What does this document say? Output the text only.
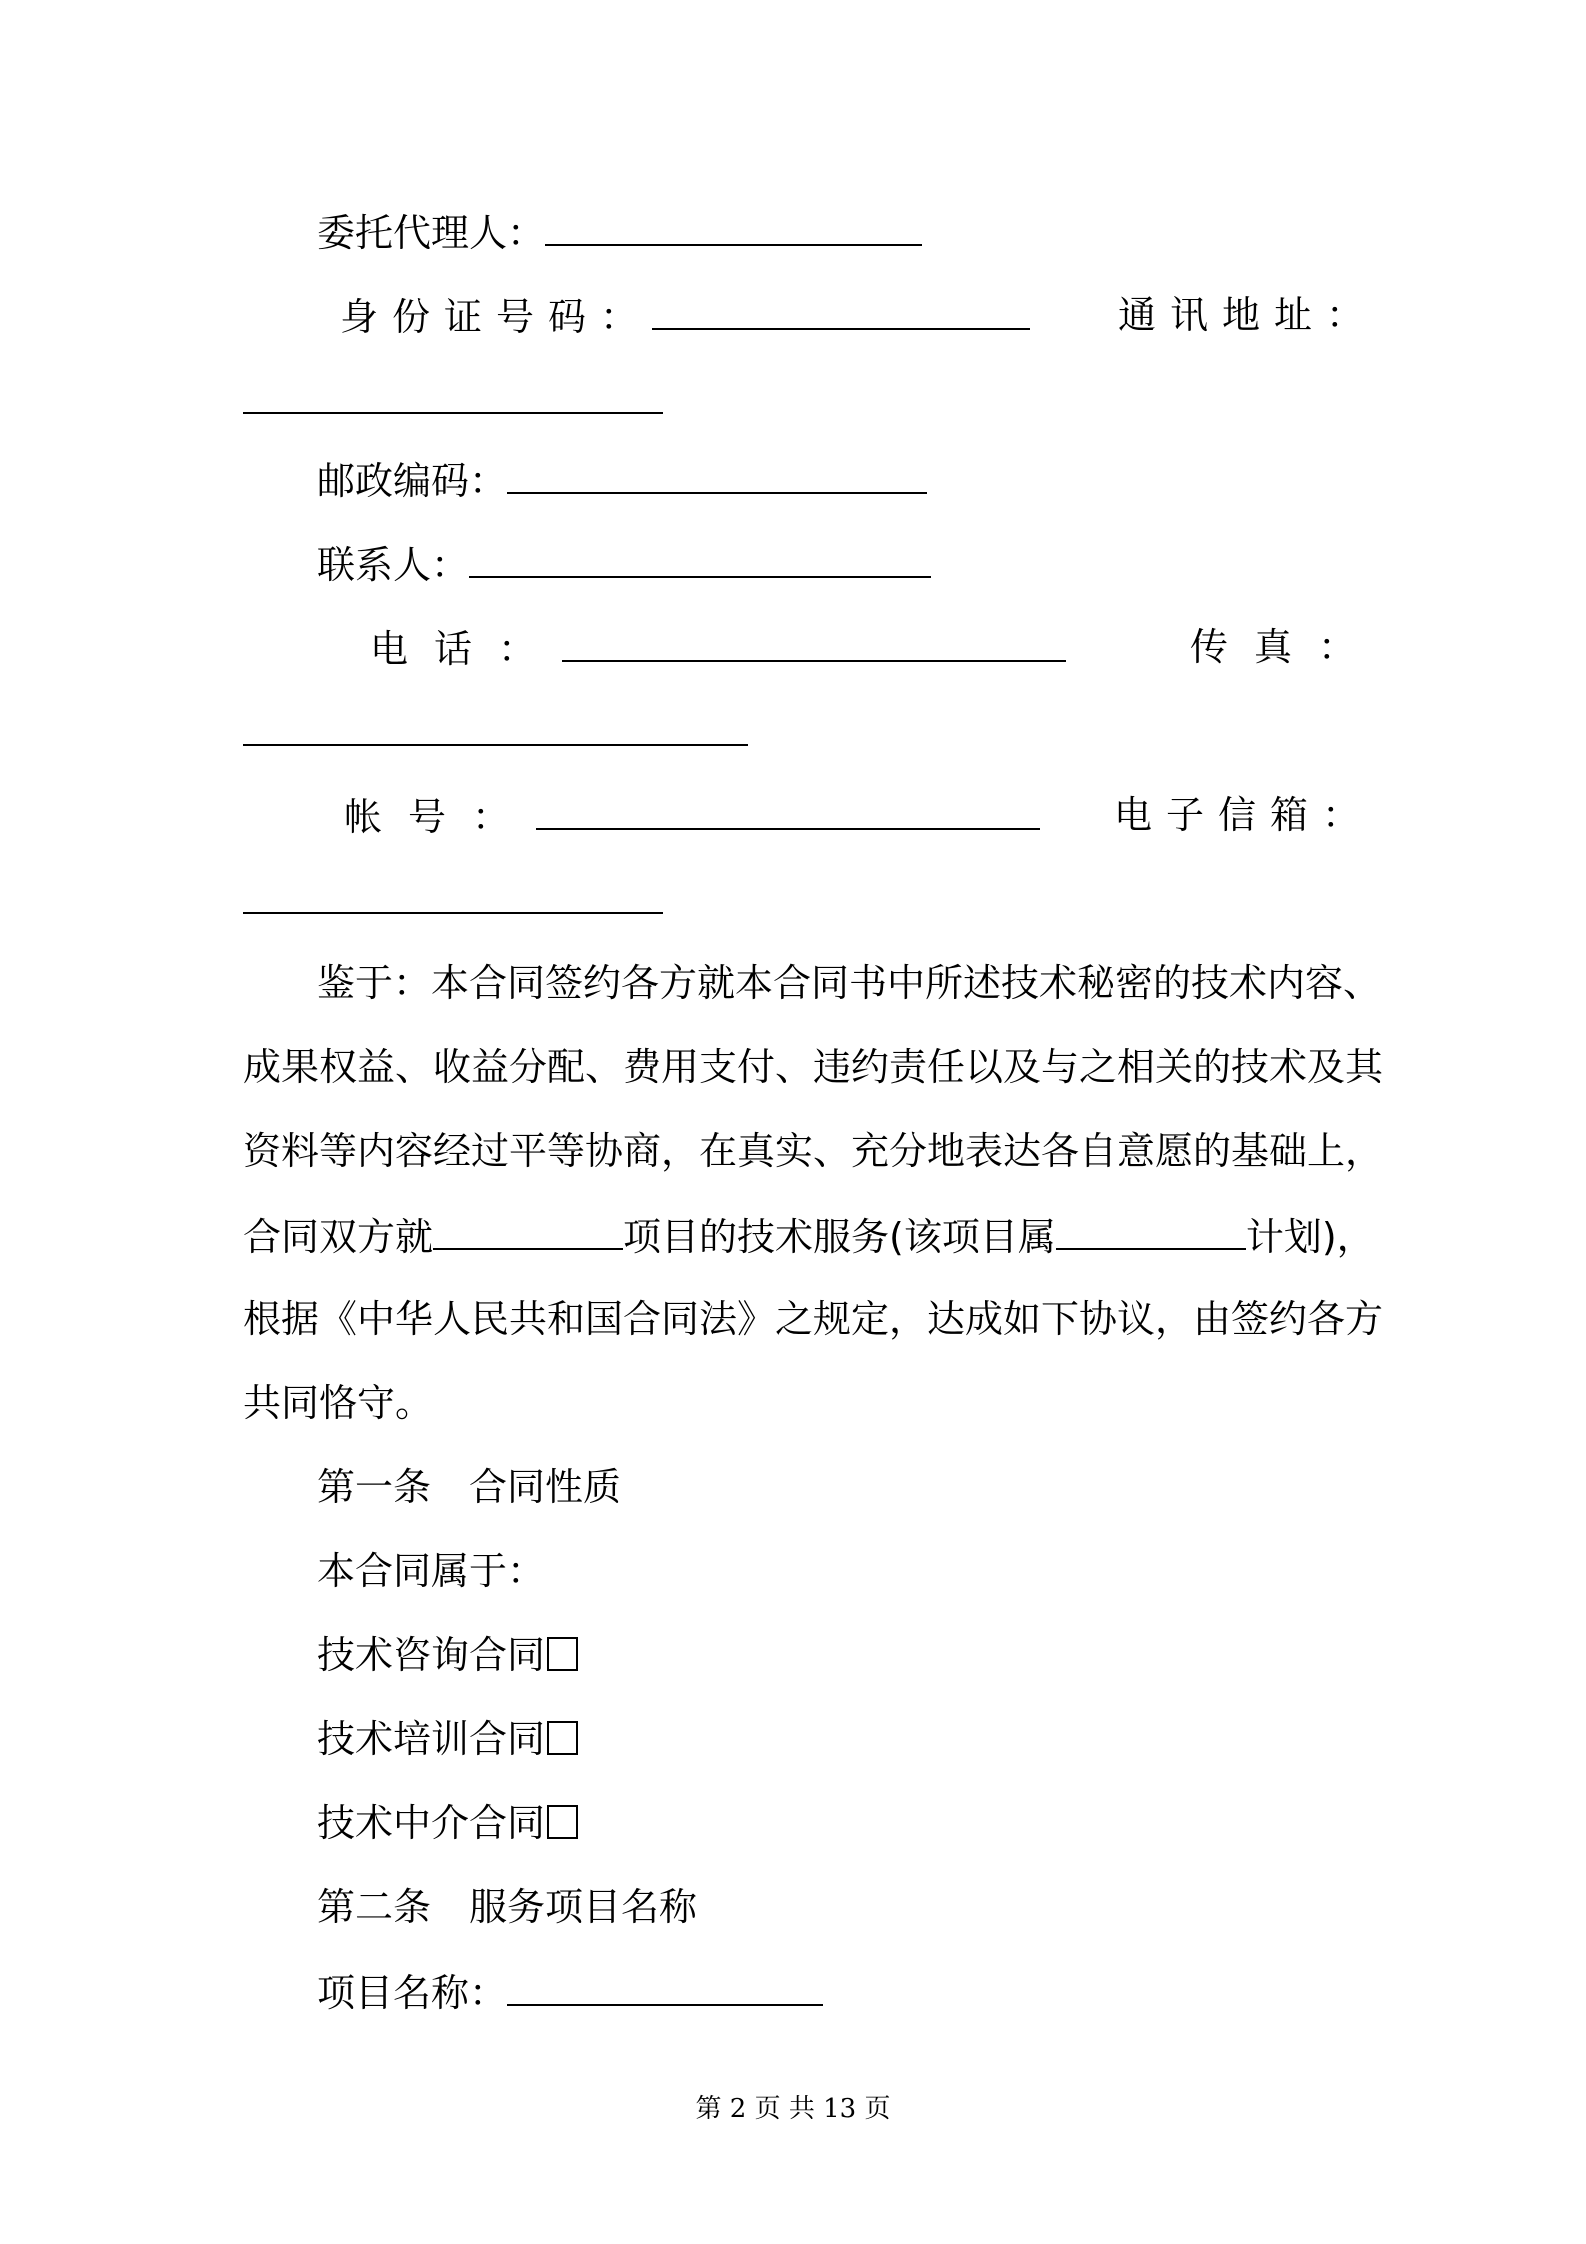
委托代理人：
身份证号码：	通讯地址：
邮政编码：
联系人：
电话：	传真：
帐号：	电子信箱：
鉴于：本合同签约各方就本合同书中所述技术秘密的技术内容、
成果权益、收益分配、费用支付、违约责任以及与之相关的技术及其
资料等内容经过平等协商，在真实、充分地表达各自意愿的基础上，
合同双方就	项目的技术服务(该项目属	计划)，
根据《中华人民共和国合同法》之规定，达成如下协议，由签约各方
共同恪守。
第一条　合同性质
本合同属于：
技术咨询合同
技术培训合同
技术中介合同
第二条　服务项目名称
项目名称：
第 2 页 共 13 页
